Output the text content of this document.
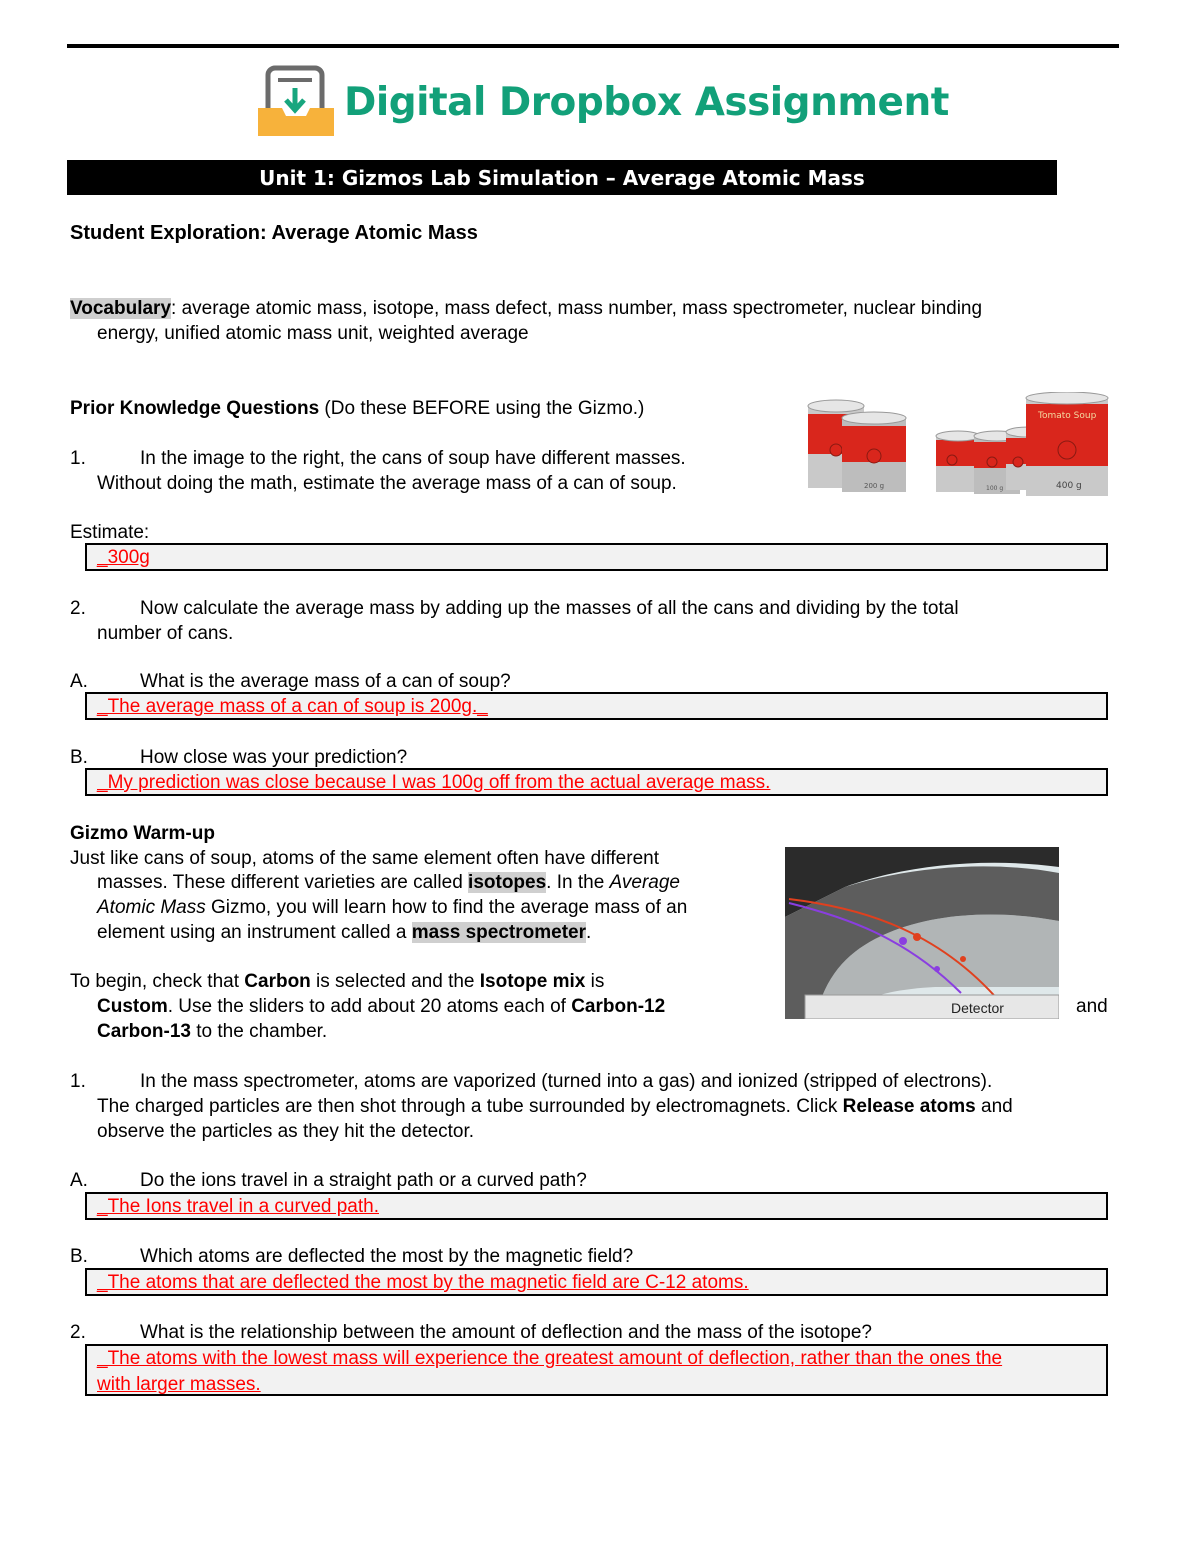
Digital Dropbox Assignment
Unit 1: Gizmos Lab Simulation – Average Atomic Mass
Student Exploration: Average Atomic Mass
Vocabulary: average atomic mass, isotope, mass defect, mass number, mass spectrometer, nuclear binding
energy, unified atomic mass unit, weighted average
Prior Knowledge Questions (Do these BEFORE using the Gizmo.)
1.	In the image to the right, the cans of soup have different masses.
Without doing the math, estimate the average mass of a can of soup.	200 g	100 g
Tomato Soup
400 g
Estimate:
_300g
2.	Now calculate the average mass by adding up the masses of all the cans and dividing by the total
number of cans.
A.	What is the average mass of a can of soup?
_The average mass of a can of soup is 200g._
B.	How close was your prediction?
_My prediction was close because I was 100g off from the actual average mass.
Gizmo Warm-up
Just like cans of soup, atoms of the same element often have different
masses. These different varieties are called isotopes. In the Average
Atomic Mass Gizmo, you will learn how to find the average mass of an
element using an instrument called a mass spectrometer.
Detector
To begin, check that Carbon is selected and the Isotope mix is
Custom. Use the sliders to add about 20 atoms each of Carbon-12	and
Carbon-13 to the chamber.
1.	In the mass spectrometer, atoms are vaporized (turned into a gas) and ionized (stripped of electrons).
The charged particles are then shot through a tube surrounded by electromagnets. Click Release atoms and
observe the particles as they hit the detector.
A.	Do the ions travel in a straight path or a curved path?
_The Ions travel in a curved path.
B.	Which atoms are deflected the most by the magnetic field?
_The atoms that are deflected the most by the magnetic field are C-12 atoms.
2.	What is the relationship between the amount of deflection and the mass of the isotope?
_The atoms with the lowest mass will experience the greatest amount of deflection, rather than the ones the
with larger masses.
